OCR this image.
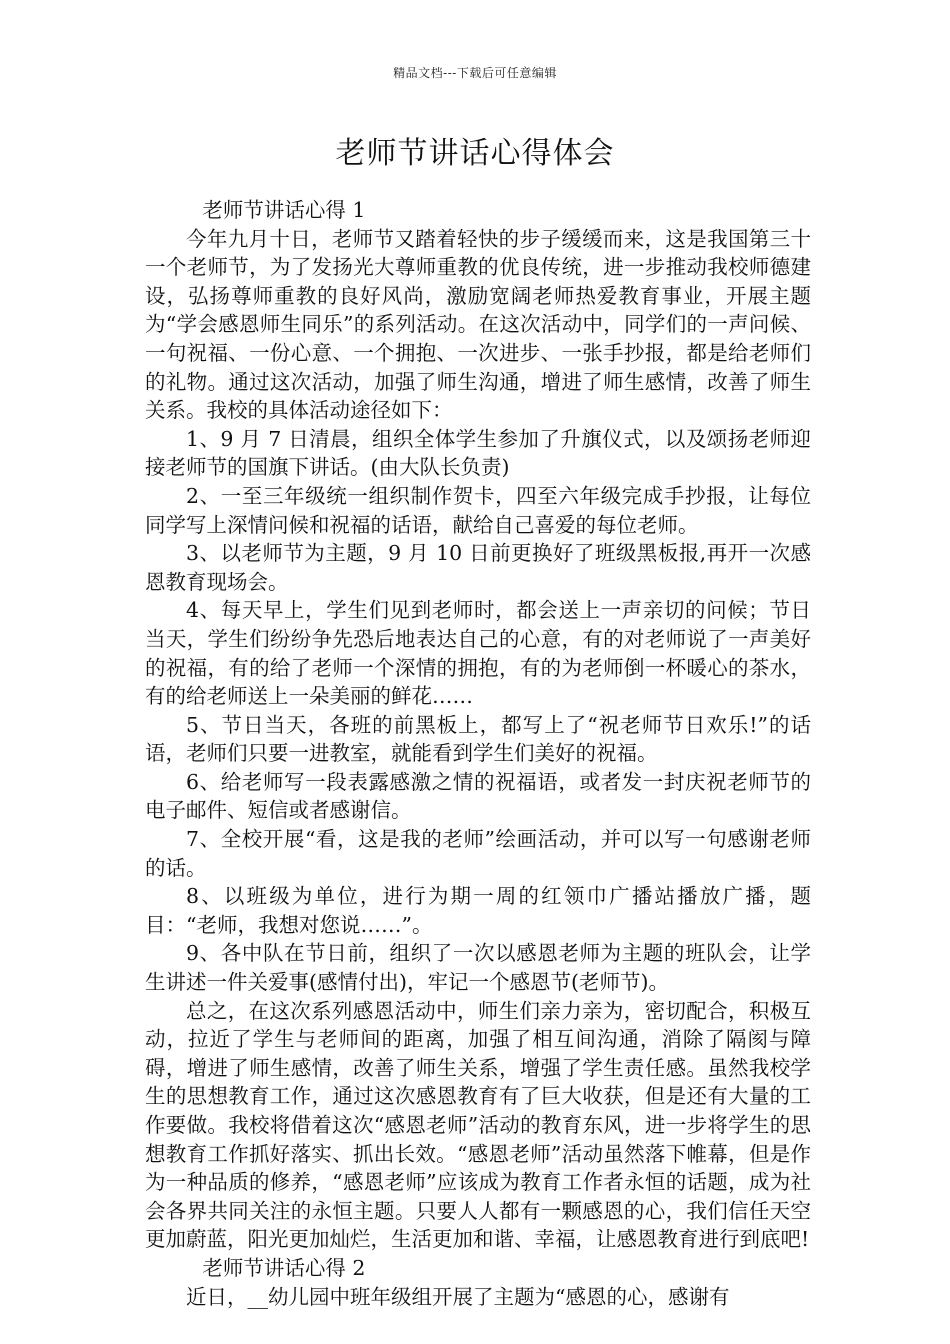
精品文档---下载后可任意编辑
老师节讲话心得体会

老师节讲话心得 1

今年九月十日，老师节又踏着轻快的步子缓缓而来，这是我国第三十一个老师节，为了发扬光大尊师重教的优良传统，进一步推动我校师德建设，弘扬尊师重教的良好风尚，激励宽阔老师热爱教育事业，开展主题为“学会感恩师生同乐”的系列活动。在这次活动中，同学们的一声问候、一句祝福、一份心意、一个拥抱、一次进步、一张手抄报，都是给老师们的礼物。通过这次活动，加强了师生沟通，增进了师生感情，改善了师生关系。我校的具体活动途径如下：

1、9 月 7 日清晨，组织全体学生参加了升旗仪式，以及颂扬老师迎接老师节的国旗下讲话。(由大队长负责)

2、一至三年级统一组织制作贺卡，四至六年级完成手抄报，让每位同学写上深情问候和祝福的话语，献给自己喜爱的每位老师。

3、以老师节为主题，9 月 10 日前更换好了班级黑板报,再开一次感恩教育现场会。

4、每天早上，学生们见到老师时，都会送上一声亲切的问候；节日当天，学生们纷纷争先恐后地表达自己的心意，有的对老师说了一声美好的祝福，有的给了老师一个深情的拥抱，有的为老师倒一杯暖心的茶水，有的给老师送上一朵美丽的鲜花……

5、节日当天，各班的前黑板上，都写上了“祝老师节日欢乐!”的话语，老师们只要一进教室，就能看到学生们美好的祝福。

6、给老师写一段表露感激之情的祝福语，或者发一封庆祝老师节的电子邮件、短信或者感谢信。

7、全校开展“看，这是我的老师”绘画活动，并可以写一句感谢老师的话。

8、以班级为单位，进行为期一周的红领巾广播站播放广播，题目：“老师，我想对您说……”。

9、各中队在节日前，组织了一次以感恩老师为主题的班队会，让学生讲述一件关爱事(感情付出)，牢记一个感恩节(老师节)。

总之，在这次系列感恩活动中，师生们亲力亲为，密切配合，积极互动，拉近了学生与老师间的距离，加强了相互间沟通，消除了隔阂与障碍，增进了师生感情，改善了师生关系，增强了学生责任感。虽然我校学生的思想教育工作，通过这次感恩教育有了巨大收获，但是还有大量的工作要做。我校将借着这次“感恩老师”活动的教育东风，进一步将学生的思想教育工作抓好落实、抓出长效。“感恩老师”活动虽然落下帷幕，但是作为一种品质的修养，“感恩老师”应该成为教育工作者永恒的话题，成为社会各界共同关注的永恒主题。只要人人都有一颗感恩的心，我们信任天空更加蔚蓝，阳光更加灿烂，生活更加和谐、幸福，让感恩教育进行到底吧!

老师节讲话心得 2

近日，__幼儿园中班年级组开展了主题为“感恩的心，感谢有
